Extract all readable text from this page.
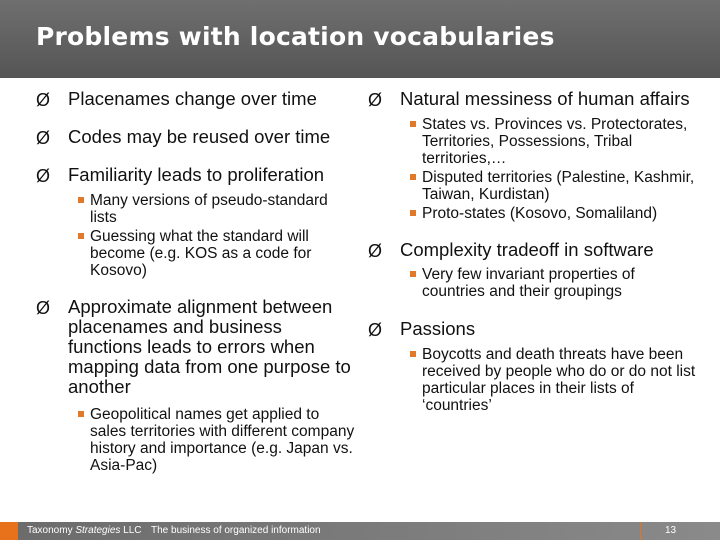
Problems with location vocabularies
Ø Placenames change over time
Ø Codes may be reused over time
Ø Familiarity leads to proliferation
Many versions of pseudo-standard lists
Guessing what the standard will become (e.g. KOS as a code for Kosovo)
Ø Approximate alignment between placenames and business functions leads to errors when mapping data from one purpose to another
Geopolitical names get applied to sales territories with different company history and importance (e.g. Japan vs. Asia-Pac)
Ø Natural messiness of human affairs
States vs. Provinces vs. Protectorates, Territories, Possessions, Tribal territories,…
Disputed territories (Palestine, Kashmir, Taiwan, Kurdistan)
Proto-states (Kosovo, Somaliland)
Ø Complexity tradeoff in software
Very few invariant properties of countries and their groupings
Ø Passions
Boycotts and death threats have been received by people who do or do not list particular places in their lists of ‘countries’
Taxonomy Strategies LLC The business of organized information	13
